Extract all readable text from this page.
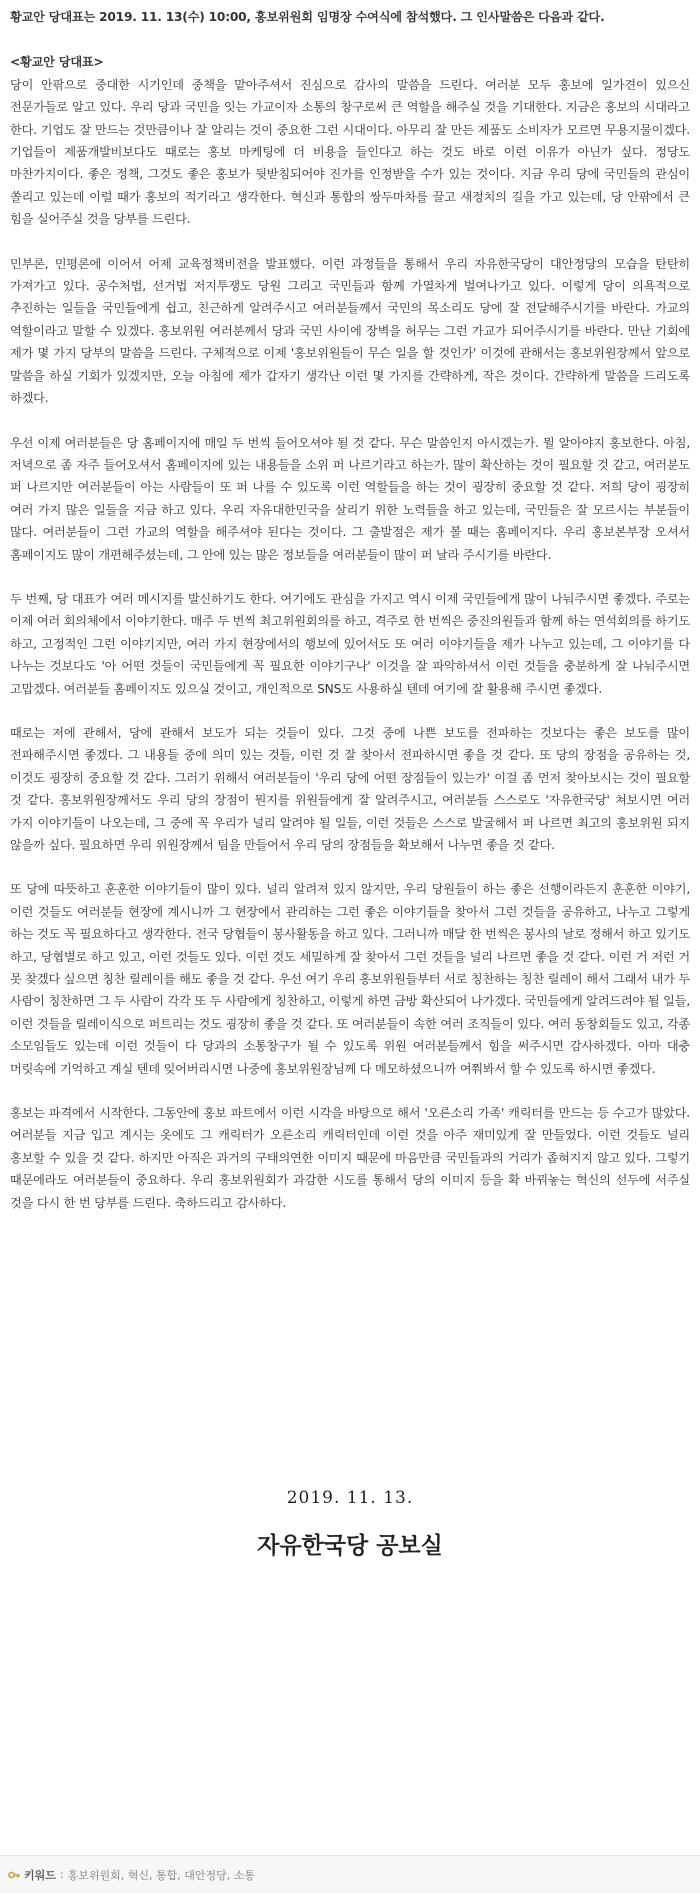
황교안 당대표는 2019. 11. 13(수) 10:00, 홍보위원회 임명장 수여식에 참석했다. 그 인사말씀은 다음과 같다.

<황교안 당대표>

당이 안팎으로 중대한 시기인데 중책을 맡아주셔서 진심으로 감사의 말씀을 드린다. 여러분 모두 홍보에 일가견이 있으신 전문가들로 알고 있다. 우리 당과 국민을 잇는 가교이자 소통의 창구로써 큰 역할을 해주실 것을 기대한다. 지금은 홍보의 시대라고 한다. 기업도 잘 만드는 것만큼이나 잘 알리는 것이 중요한 그런 시대이다. 아무리 잘 만든 제품도 소비자가 모르면 무용지물이겠다. 기업들이 제품개발비보다도 때로는 홍보 마케팅에 더 비용을 들인다고 하는 것도 바로 이런 이유가 아닌가 싶다. 정당도 마찬가지이다. 좋은 정책, 그것도 좋은 홍보가 뒷받침되어야 진가를 인정받을 수가 있는 것이다. 지금 우리 당에 국민들의 관심이 쏠리고 있는데 이럴 때가 홍보의 적기라고 생각한다. 혁신과 통합의 쌍두마차를 끌고 새정치의 길을 가고 있는데, 당 안팎에서 큰 힘을 실어주실 것을 당부를 드린다.

민부론, 민평론에 이어서 어제 교육정책비전을 발표했다. 이런 과정들을 통해서 우리 자유한국당이 대안정당의 모습을 탄탄히 가져가고 있다. 공수처법, 선거법 저지투쟁도 당원 그리고 국민들과 함께 가열차게 벌여나가고 있다. 이렇게 당이 의욕적으로 추진하는 일들을 국민들에게 쉽고, 친근하게 알려주시고 여러분들께서 국민의 목소리도 당에 잘 전달해주시기를 바란다. 가교의 역할이라고 말할 수 있겠다. 홍보위원 여러분께서 당과 국민 사이에 장벽을 허무는 그런 가교가 되어주시기를 바란다. 만난 기회에 제가 몇 가지 당부의 말씀을 드린다. 구체적으로 이제 '홍보위원들이 무슨 일을 할 것인가' 이것에 관해서는 홍보위원장께서 앞으로 말씀을 하실 기회가 있겠지만, 오늘 아침에 제가 갑자기 생각난 이런 몇 가지를 간략하게, 작은 것이다. 간략하게 말씀을 드리도록 하겠다.

우선 이제 여러분들은 당 홈페이지에 매일 두 번씩 들어오셔야 될 것 같다. 무슨 말씀인지 아시겠는가. 뭘 알아야지 홍보한다. 아침, 저녁으로 좀 자주 들어오셔서 홈페이지에 있는 내용들을 소위 퍼 나르기라고 하는가. 많이 확산하는 것이 필요할 것 같고, 여러분도 퍼 나르지만 여러분들이 아는 사람들이 또 퍼 나를 수 있도록 이런 역할들을 하는 것이 굉장히 중요할 것 같다. 저희 당이 굉장히 여러 가지 많은 일들을 지금 하고 있다. 우리 자유대한민국을 살리기 위한 노력들을 하고 있는데, 국민들은 잘 모르시는 부분들이 많다. 여러분들이 그런 가교의 역할을 해주셔야 된다는 것이다. 그 출발점은 제가 볼 때는 홈페이지다. 우리 홍보본부장 오셔서 홈페이지도 많이 개편해주셨는데, 그 안에 있는 많은 정보들을 여러분들이 많이 퍼 날라 주시기를 바란다.

두 번째, 당 대표가 여러 메시지를 발신하기도 한다. 여기에도 관심을 가지고 역시 이제 국민들에게 많이 나눠주시면 좋겠다. 주로는 이제 여러 회의체에서 이야기한다. 매주 두 번씩 최고위원회의를 하고, 격주로 한 번씩은 중진의원들과 함께 하는 연석회의를 하기도 하고, 고정적인 그런 이야기지만, 여러 가지 현장에서의 행보에 있어서도 또 여러 이야기들을 제가 나누고 있는데, 그 이야기를 다 나누는 것보다도 '아 어떤 것들이 국민들에게 꼭 필요한 이야기구나' 이것을 잘 파악하셔서 이런 것들을 충분하게 잘 나눠주시면 고맙겠다. 여러분들 홈페이지도 있으실 것이고, 개인적으로 SNS도 사용하실 텐데 여기에 잘 활용해 주시면 좋겠다.

때로는 저에 관해서, 당에 관해서 보도가 되는 것들이 있다. 그것 중에 나쁜 보도를 전파하는 것보다는 좋은 보도를 많이 전파해주시면 좋겠다. 그 내용들 중에 의미 있는 것들, 이런 것 잘 찾아서 전파하시면 좋을 것 같다. 또 당의 장점을 공유하는 것, 이것도 굉장히 중요할 것 같다. 그러기 위해서 여러분들이 '우리 당에 어떤 장점들이 있는가' 이걸 좀 먼저 찾아보시는 것이 필요할 것 같다. 홍보위원장께서도 우리 당의 장점이 뭔지를 위원들에게 잘 알려주시고, 여러분들 스스로도 '자유한국당' 쳐보시면 여러 가지 이야기들이 나오는데, 그 중에 꼭 우리가 널리 알려야 될 일들, 이런 것들은 스스로 발굴해서 퍼 나르면 최고의 홍보위원 되지 않을까 싶다. 필요하면 우리 위원장께서 팀을 만들어서 우리 당의 장점들을 확보해서 나누면 좋을 것 같다.

또 당에 따뜻하고 훈훈한 이야기들이 많이 있다. 널리 알려져 있지 않지만, 우리 당원들이 하는 좋은 선행이라든지 훈훈한 이야기, 이런 것들도 여러분들 현장에 계시니까 그 현장에서 관리하는 그런 좋은 이야기들을 찾아서 그런 것들을 공유하고, 나누고 그렇게 하는 것도 꼭 필요하다고 생각한다. 전국 당협들이 봉사활동을 하고 있다. 그러니까 매달 한 번씩은 봉사의 날로 정해서 하고 있기도 하고, 당협별로 하고 있고, 이런 것들도 있다. 이런 것도 세밀하게 잘 찾아서 그런 것들을 널리 나르면 좋을 것 같다. 이런 거 저런 거 못 찾겠다 싶으면 칭찬 릴레이를 해도 좋을 것 같다. 우선 여기 우리 홍보위원들부터 서로 칭찬하는 칭찬 릴레이 해서 그래서 내가 두 사람이 칭찬하면 그 두 사람이 각각 또 두 사람에게 칭찬하고, 이렇게 하면 금방 확산되어 나가겠다. 국민들에게 알려드려야 될 일들, 이런 것들을 릴레이식으로 퍼트리는 것도 굉장히 좋을 것 같다. 또 여러분들이 속한 여러 조직들이 있다. 여러 동창회들도 있고, 각종 소모임들도 있는데 이런 것들이 다 당과의 소통창구가 될 수 있도록 위원 여러분들께서 힘을 써주시면 감사하겠다. 아마 대충 머릿속에 기억하고 계실 텐데 잊어버리시면 나중에 홍보위원장님께 다 메모하셨으니까 여쭤봐서 할 수 있도록 하시면 좋겠다.

홍보는 파격에서 시작한다. 그동안에 홍보 파트에서 이런 시각을 바탕으로 해서 '오른소리 가족' 캐릭터를 만드는 등 수고가 많았다. 여러분들 지금 입고 계시는 옷에도 그 캐릭터가 오른소리 캐릭터인데 이런 것을 아주 재미있게 잘 만들었다. 이런 것들도 널리 홍보할 수 있을 것 같다. 하지만 아직은 과거의 구태의연한 이미지 때문에 마음만큼 국민들과의 거리가 좁혀지지 않고 있다. 그렇기 때문에라도 여러분들이 중요하다. 우리 홍보위원회가 과감한 시도를 통해서 당의 이미지 등을 확 바꿔놓는 혁신의 선두에 서주실 것을 다시 한 번 당부를 드린다. 축하드리고 감사하다.

2019. 11. 13.
자유한국당 공보실
키워드 : 홍보위원회, 혁신, 통합, 대안정당, 소통
